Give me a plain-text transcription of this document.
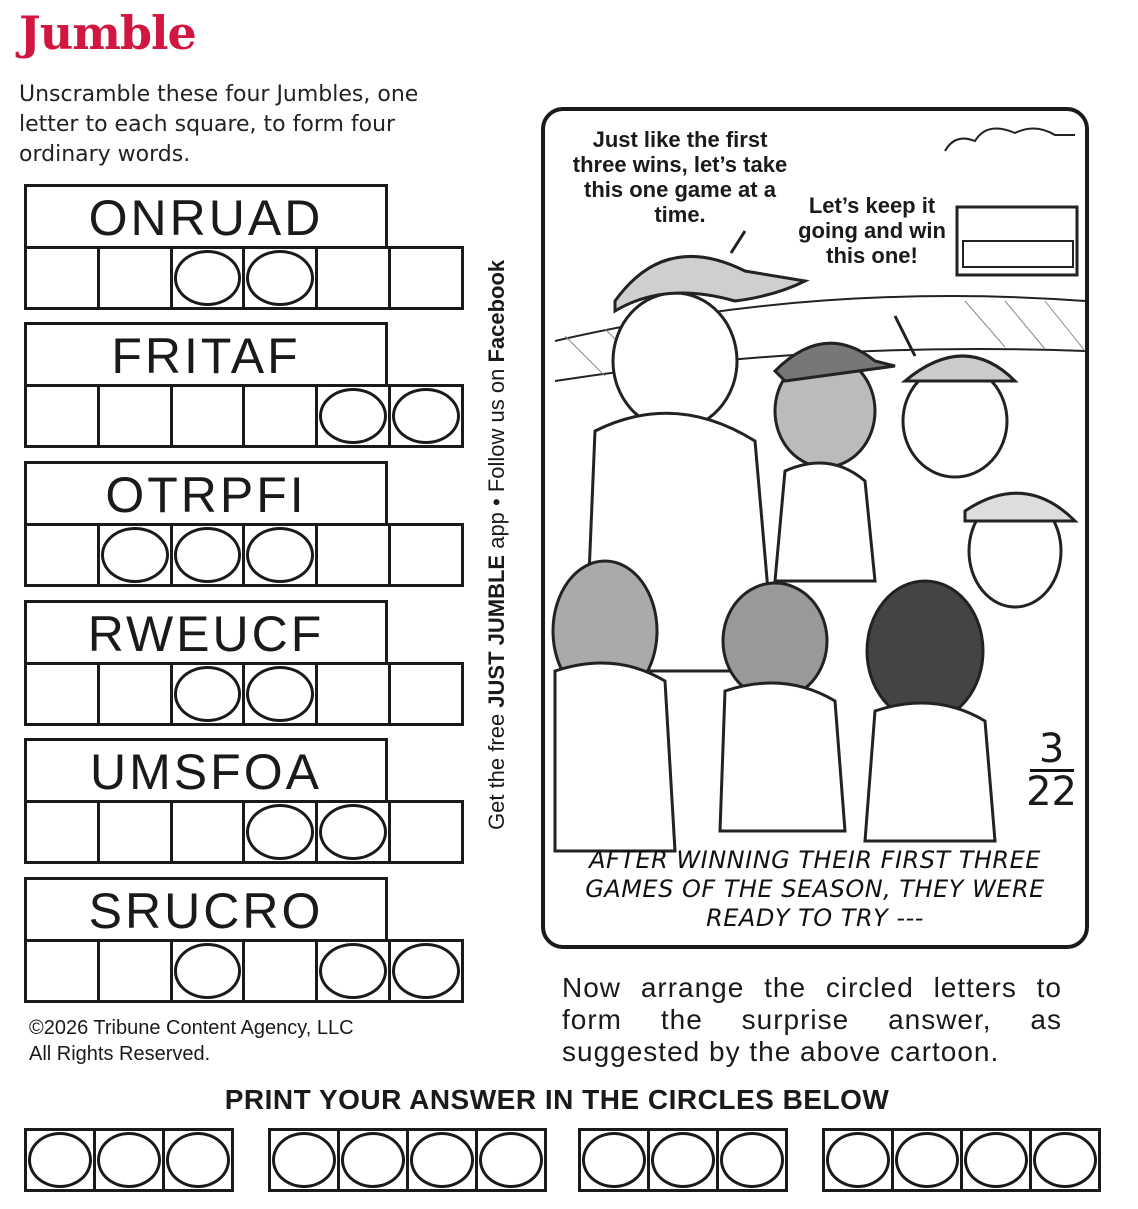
Jumble
Unscramble these four Jumbles, one letter to each square, to form four ordinary words.
ONRUAD
FRITAF
OTRPFI
RWEUCF
UMSFOA
SRUCRO
Get the free JUST JUMBLE app • Follow us on Facebook
Just like the first three wins, let’s take this one game at a time.	Let’s keep it going and win this one!
3
22
AFTER WINNING THEIR FIRST THREE GAMES OF THE SEASON, THEY WERE READY TO TRY ---
Now arrange the circled letters to form the surprise answer, as suggested by the above cartoon.
©2026 Tribune Content Agency, LLC
All Rights Reserved.
PRINT YOUR ANSWER IN THE CIRCLES BELOW
